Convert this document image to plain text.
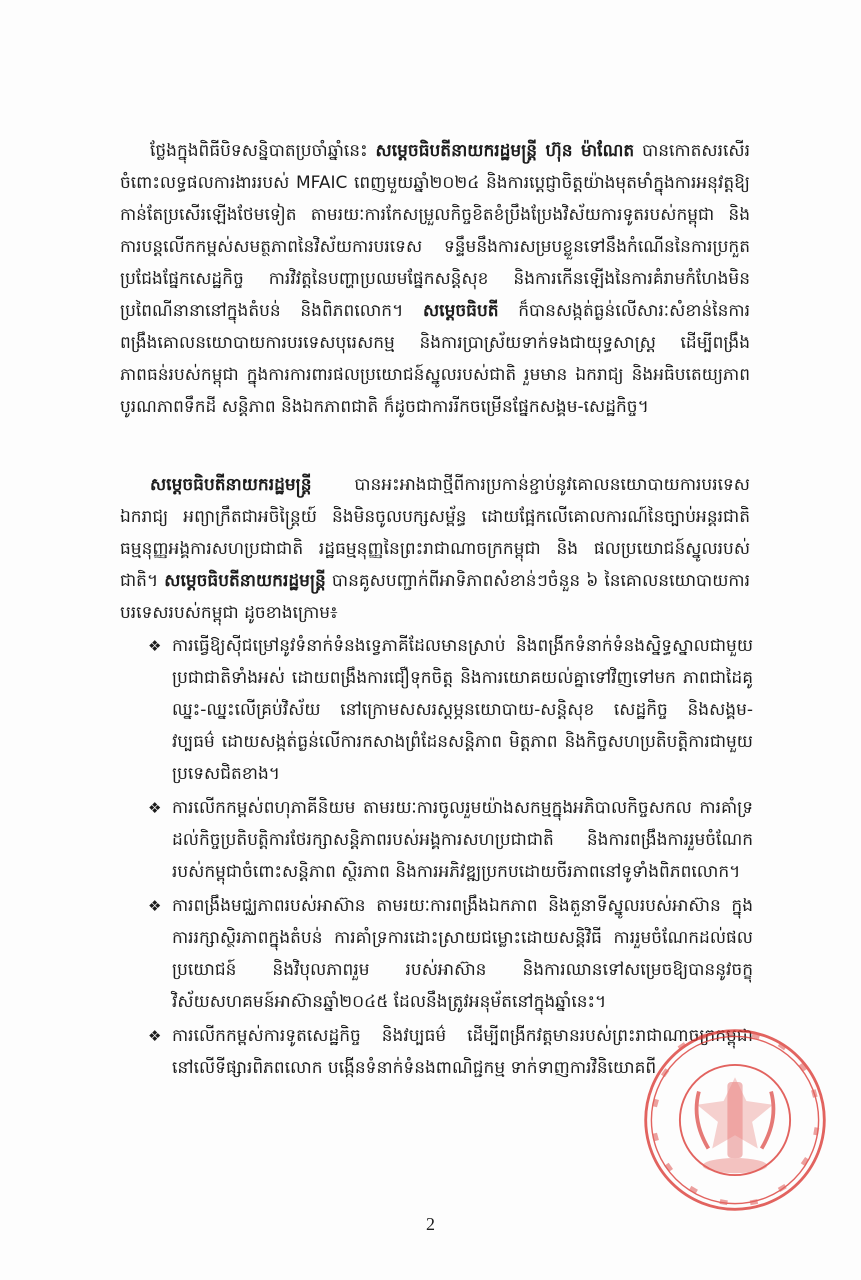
ថ្លែងក្នុងពិធីបិទសន្និបាតប្រចាំឆ្នាំនេះ សម្ដេចធិបតីនាយករដ្ឋមន្ត្រី ហ៊ុន ម៉ាណែត បានកោតសរសើរចំពោះលទ្ធផលការងាររបស់ MFAIC ពេញមួយឆ្នាំ២០២៤ និងការប្ដេជ្ញាចិត្តយ៉ាងមុតមាំក្នុងការអនុវត្តឱ្យកាន់តែប្រសើរឡើងថែមទៀត តាមរយៈការកែសម្រួលកិច្ចខិតខំប្រឹងប្រែងវិស័យការទូតរបស់កម្ពុជា និងការបន្តលើកកម្ពស់សមត្ថភាពនៃវិស័យការបរទេស ទន្ទឹមនឹងការសម្របខ្លួនទៅនឹងកំណើននៃការប្រកួតប្រជែងផ្នែកសេដ្ឋកិច្ច ការវិវត្តនៃបញ្ហាប្រឈមផ្នែកសន្តិសុខ និងការកើនឡើងនៃការគំរាមកំហែងមិនប្រពៃណីនានានៅក្នុងតំបន់ និងពិភពលោក។ សម្ដេចធិបតី ក៏បានសង្កត់ធ្ងន់លើសារៈសំខាន់នៃការពង្រឹងគោលនយោបាយការបរទេសបុរេសកម្ម និងការប្រាស្រ័យទាក់ទងជាយុទ្ធសាស្ត្រ ដើម្បីពង្រឹងភាពធន់របស់កម្ពុជា ក្នុងការការពារផលប្រយោជន៍ស្នូលរបស់ជាតិ រួមមាន ឯករាជ្យ និងអធិបតេយ្យភាព បូរណភាពទឹកដី សន្តិភាព និងឯកភាពជាតិ ក៏ដូចជាការរីកចម្រើនផ្នែកសង្គម-សេដ្ឋកិច្ច។

សម្ដេចធិបតីនាយករដ្ឋមន្ត្រី បានអះអាងជាថ្មីពីការប្រកាន់ខ្ជាប់នូវគោលនយោបាយការបរទេសឯករាជ្យ អព្យាក្រឹតជាអចិន្ត្រៃយ៍ និងមិនចូលបក្សសម្ព័ន្ធ ដោយផ្អែកលើគោលការណ៍នៃច្បាប់អន្តរជាតិ ធម្មនុញ្ញអង្គការសហប្រជាជាតិ រដ្ឋធម្មនុញ្ញនៃព្រះរាជាណាចក្រកម្ពុជា និង ផលប្រយោជន៍ស្នូលរបស់ជាតិ។ សម្ដេចធិបតីនាយករដ្ឋមន្ត្រី បានគូសបញ្ជាក់ពីអាទិភាពសំខាន់ៗចំនួន ៦ នៃគោលនយោបាយការបរទេសរបស់កម្ពុជា ដូចខាងក្រោម៖

❖ ការធ្វើឱ្យស៊ីជម្រៅនូវទំនាក់ទំនងទ្វេភាគីដែលមានស្រាប់ និងពង្រីកទំនាក់ទំនងស្និទ្ធស្នាលជាមួយប្រជាជាតិទាំងអស់ ដោយពង្រឹងការជឿទុកចិត្ត និងការយោគយល់គ្នាទៅវិញទៅមក ភាពជាដៃគូឈ្នះ-ឈ្នះលើគ្រប់វិស័យ នៅក្រោមសសរស្ដម្ភនយោបាយ-សន្តិសុខ សេដ្ឋកិច្ច និងសង្គម-វប្បធម៌ ដោយសង្កត់ធ្ងន់លើការកសាងព្រំដែនសន្តិភាព មិត្តភាព និងកិច្ចសហប្រតិបត្តិការជាមួយប្រទេសជិតខាង។
❖ ការលើកកម្ពស់ពហុភាគីនិយម តាមរយៈការចូលរួមយ៉ាងសកម្មក្នុងអភិបាលកិច្ចសកល ការគាំទ្រដល់កិច្ចប្រតិបត្តិការថែរក្សាសន្តិភាពរបស់អង្គការសហប្រជាជាតិ និងការពង្រឹងការរួមចំណែករបស់កម្ពុជាចំពោះសន្តិភាព ស្ថិរភាព និងការអភិវឌ្ឍប្រកបដោយចីរភាពនៅទូទាំងពិភពលោក។
❖ ការពង្រឹងមជ្ឈភាពរបស់អាស៊ាន តាមរយៈការពង្រឹងឯកភាព និងតួនាទីស្នូលរបស់អាស៊ាន ក្នុងការរក្សាស្ថិរភាពក្នុងតំបន់ ការគាំទ្រការដោះស្រាយជម្លោះដោយសន្តិវិធី ការរួមចំណែកដល់ផលប្រយោជន៍ និងវិបុលភាពរួម របស់អាស៊ាន និងការឈានទៅសម្រេចឱ្យបាននូវចក្ខុវិស័យសហគមន៍អាស៊ានឆ្នាំ២០៤៥ ដែលនឹងត្រូវអនុម័តនៅក្នុងឆ្នាំនេះ។
❖ ការលើកកម្ពស់ការទូតសេដ្ឋកិច្ច និងវប្បធម៌ ដើម្បីពង្រីកវត្តមានរបស់ព្រះរាជាណាចក្រកម្ពុជានៅលើទីផ្សារពិភពលោក បង្កើនទំនាក់ទំនងពាណិជ្ជកម្ម ទាក់ទាញការវិនិយោគពី
2
